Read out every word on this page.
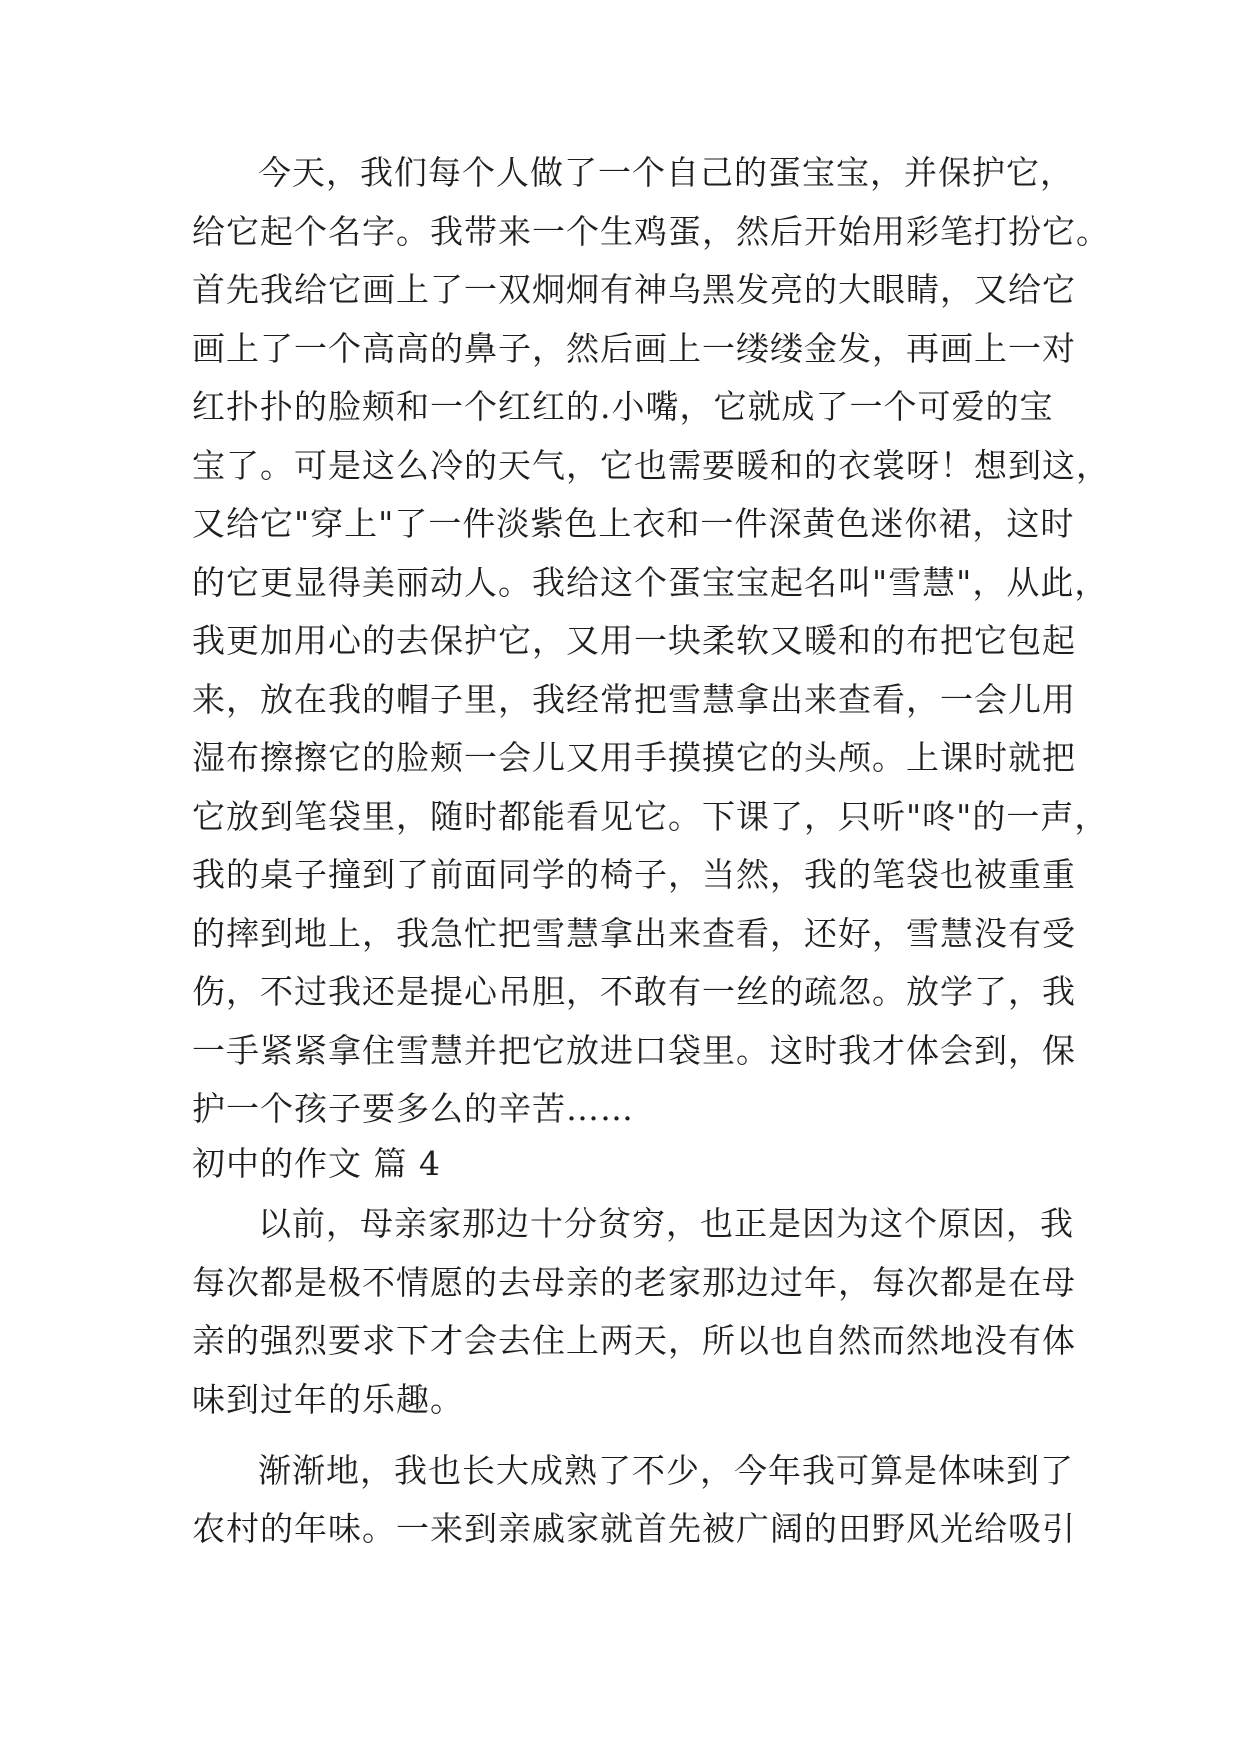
今天，我们每个人做了一个自己的蛋宝宝，并保护它，
给它起个名字。我带来一个生鸡蛋，然后开始用彩笔打扮它。
首先我给它画上了一双炯炯有神乌黑发亮的大眼睛，又给它
画上了一个高高的鼻子，然后画上一缕缕金发，再画上一对
红扑扑的脸颊和一个红红的.小嘴，它就成了一个可爱的宝
宝了。可是这么冷的天气，它也需要暖和的衣裳呀！想到这，
又给它"穿上"了一件淡紫色上衣和一件深黄色迷你裙，这时
的它更显得美丽动人。我给这个蛋宝宝起名叫"雪慧"，从此，
我更加用心的去保护它，又用一块柔软又暖和的布把它包起
来，放在我的帽子里，我经常把雪慧拿出来查看，一会儿用
湿布擦擦它的脸颊一会儿又用手摸摸它的头颅。上课时就把
它放到笔袋里，随时都能看见它。下课了，只听"咚"的一声，
我的桌子撞到了前面同学的椅子，当然，我的笔袋也被重重
的摔到地上，我急忙把雪慧拿出来查看，还好，雪慧没有受
伤，不过我还是提心吊胆，不敢有一丝的疏忽。放学了，我
一手紧紧拿住雪慧并把它放进口袋里。这时我才体会到，保
护一个孩子要多么的辛苦……
初中的作文 篇 4
以前，母亲家那边十分贫穷，也正是因为这个原因，我
每次都是极不情愿的去母亲的老家那边过年，每次都是在母
亲的强烈要求下才会去住上两天，所以也自然而然地没有体
味到过年的乐趣。
渐渐地，我也长大成熟了不少，今年我可算是体味到了
农村的年味。一来到亲戚家就首先被广阔的田野风光给吸引
